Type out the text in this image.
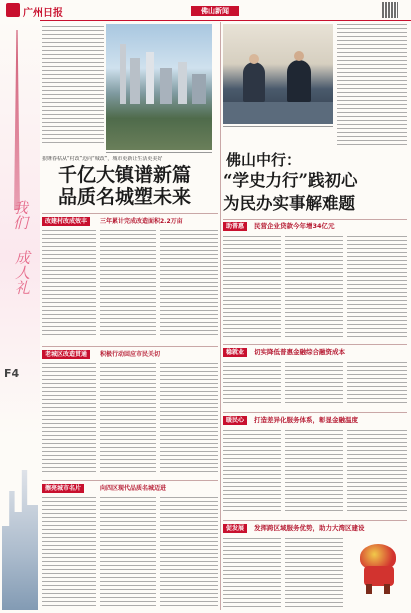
广州日报	佛山新闻
我们
成人礼
F4
狠锤春枯从“村改”迈向“城改”，城市更新让生活更美好
千亿大镇谱新篇
品质名城塑未来
改建村改成效丰	三年累计完成改造面积2.2万亩
老城区改造贯通	积极行动回应市民关切
擦亮城市名片	向四区现代品质名城迈进
佛山中行：
“学史力行”践初心
为民办实事解难题
助普惠	民营企业贷款今年增34亿元
稳就业	切实降低普惠金融综合融资成本
暖民心	打造差异化服务体系，彰显金融温度
促发展	发挥跨区域服务优势，助力大湾区建设
